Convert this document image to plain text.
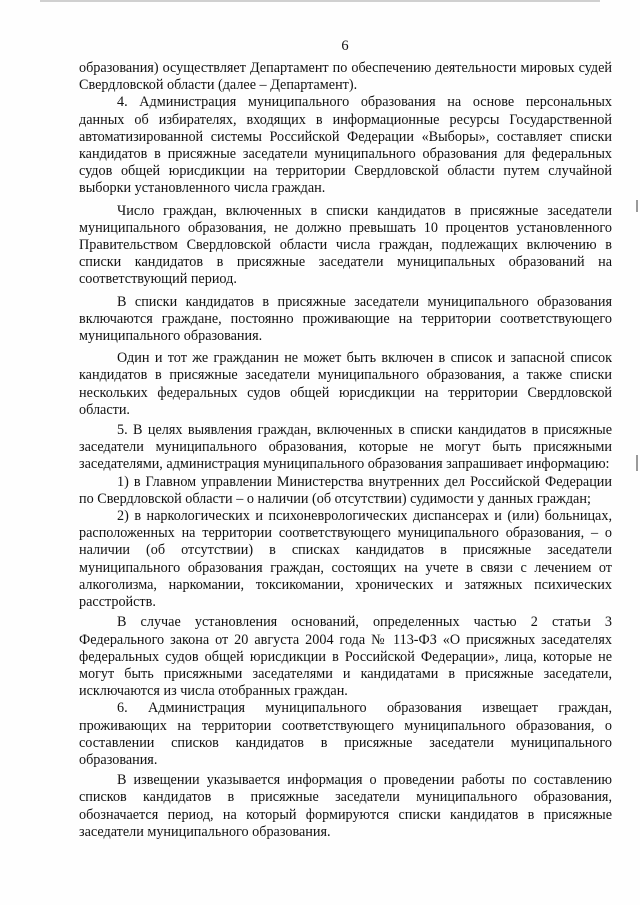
6

образования) осуществляет Департамент по обеспечению деятельности мировых судей Свердловской области (далее – Департамент).

4. Администрация муниципального образования на основе персональных данных об избирателях, входящих в информационные ресурсы Государственной автоматизированной системы Российской Федерации «Выборы», составляет списки кандидатов в присяжные заседатели муниципального образования для федеральных судов общей юрисдикции на территории Свердловской области путем случайной выборки установленного числа граждан.

Число граждан, включенных в списки кандидатов в присяжные заседатели муниципального образования, не должно превышать 10 процентов установленного Правительством Свердловской области числа граждан, подлежащих включению в списки кандидатов в присяжные заседатели муниципальных образований на соответствующий период.

В списки кандидатов в присяжные заседатели муниципального образования включаются граждане, постоянно проживающие на территории соответствующего муниципального образования.

Один и тот же гражданин не может быть включен в список и запасной список кандидатов в присяжные заседатели муниципального образования, а также списки нескольких федеральных судов общей юрисдикции на территории Свердловской области.

5. В целях выявления граждан, включенных в списки кандидатов в присяжные заседатели муниципального образования, которые не могут быть присяжными заседателями, администрация муниципального образования запрашивает информацию:

1) в Главном управлении Министерства внутренних дел Российской Федерации по Свердловской области – о наличии (об отсутствии) судимости у данных граждан;

2) в наркологических и психоневрологических диспансерах и (или) больницах, расположенных на территории соответствующего муниципального образования, – о наличии (об отсутствии) в списках кандидатов в присяжные заседатели муниципального образования граждан, состоящих на учете в связи с лечением от алкоголизма, наркомании, токсикомании, хронических и затяжных психических расстройств.

В случае установления оснований, определенных частью 2 статьи 3 Федерального закона от 20 августа 2004 года № 113-ФЗ «О присяжных заседателях федеральных судов общей юрисдикции в Российской Федерации», лица, которые не могут быть присяжными заседателями и кандидатами в присяжные заседатели, исключаются из числа отобранных граждан.

6. Администрация муниципального образования извещает граждан, проживающих на территории соответствующего муниципального образования, о составлении списков кандидатов в присяжные заседатели муниципального образования.

В извещении указывается информация о проведении работы по составлению списков кандидатов в присяжные заседатели муниципального образования, обозначается период, на который формируются списки кандидатов в присяжные заседатели муниципального образования.
